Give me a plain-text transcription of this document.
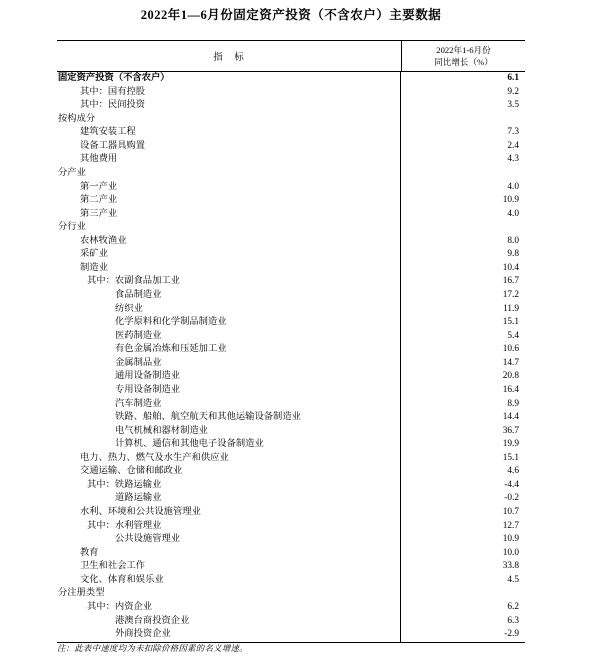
2022年1—6月份固定资产投资（不含农户）主要数据
指　标
2022年1-6月份
同比增长（%）
固定资产投资（不含农户）	6.1
其中：国有控股	9.2
其中：民间投资	3.5
按构成分
建筑安装工程	7.3
设备工器具购置	2.4
其他费用	4.3
分产业
第一产业	4.0
第二产业	10.9
第三产业	4.0
分行业
农林牧渔业	8.0
采矿业	9.8
制造业	10.4
其中：农副食品加工业	16.7
食品制造业	17.2
纺织业	11.9
化学原料和化学制品制造业	15.1
医药制造业	5.4
有色金属冶炼和压延加工业	10.6
金属制品业	14.7
通用设备制造业	20.8
专用设备制造业	16.4
汽车制造业	8.9
铁路、船舶、航空航天和其他运输设备制造业	14.4
电气机械和器材制造业	36.7
计算机、通信和其他电子设备制造业	19.9
电力、热力、燃气及水生产和供应业	15.1
交通运输、仓储和邮政业	4.6
其中：铁路运输业	-4.4
道路运输业	-0.2
水利、环境和公共设施管理业	10.7
其中：水利管理业	12.7
公共设施管理业	10.9
教育	10.0
卫生和社会工作	33.8
文化、体育和娱乐业	4.5
分注册类型
其中：内资企业	6.2
港澳台商投资企业	6.3
外商投资企业	-2.9
注：此表中速度均为未扣除价格因素的名义增速。
